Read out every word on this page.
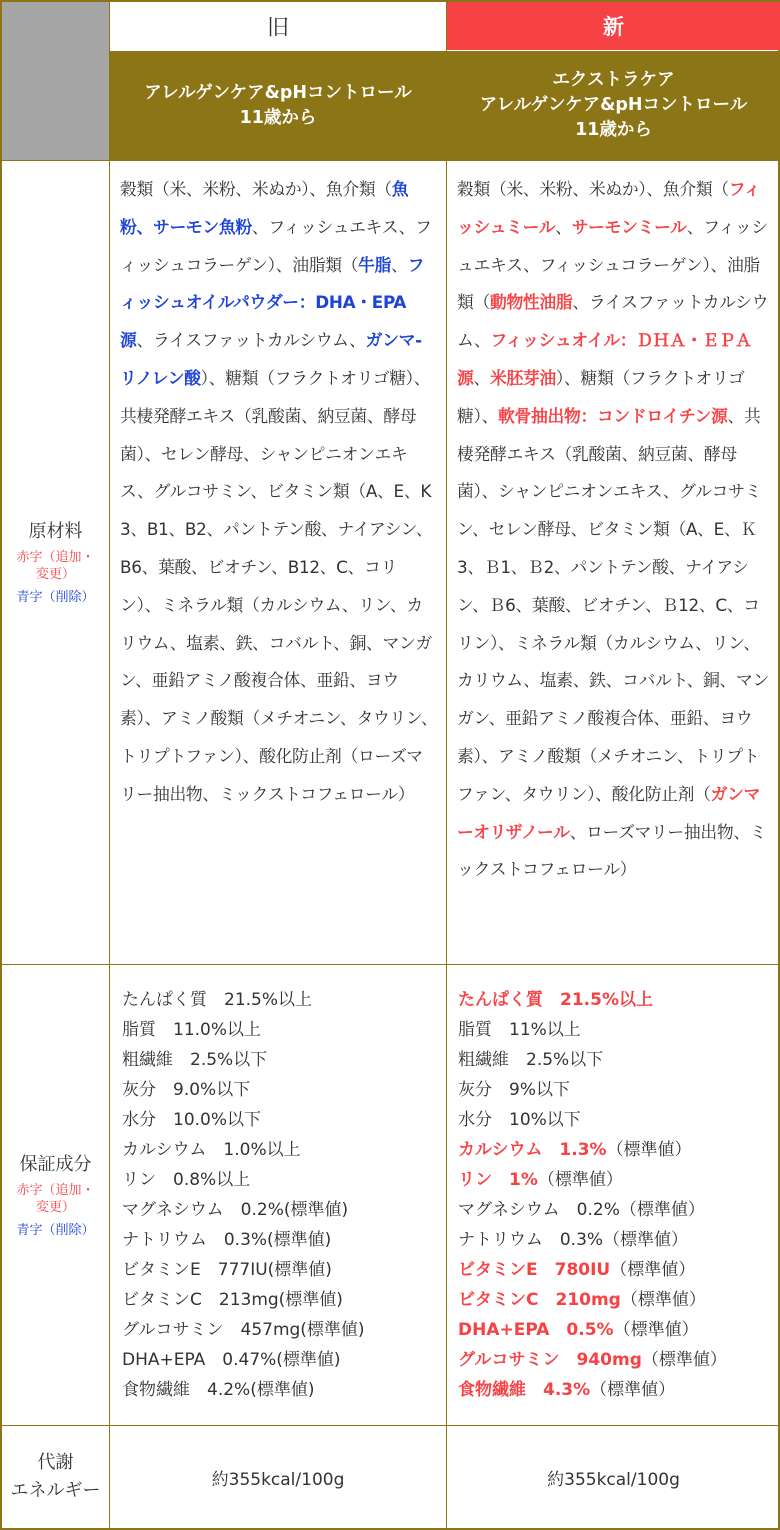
旧	新
アレルゲンケア&pHコントロール
11歳から
エクストラケア
アレルゲンケア&pHコントロール
11歳から
原材料
赤字（追加・変更）
青字（削除）
穀類（米、米粉、米ぬか）、魚介類（魚粉、サーモン魚粉、フィッシュエキス、フィッシュコラーゲン）、油脂類（牛脂、フィッシュオイルパウダー：DHA・EPA源、ライスファットカルシウム、ガンマ-リノレン酸）、糖類（フラクトオリゴ糖）、共棲発酵エキス（乳酸菌、納豆菌、酵母菌）、セレン酵母、シャンピニオンエキス、グルコサミン、ビタミン類（A、E、K3、B1、B2、パントテン酸、ナイアシン、B6、葉酸、ビオチン、B12、C、コリン）、ミネラル類（カルシウム、リン、カリウム、塩素、鉄、コバルト、銅、マンガン、亜鉛アミノ酸複合体、亜鉛、ヨウ素）、アミノ酸類（メチオニン、タウリン、トリプトファン）、酸化防止剤（ローズマリー抽出物、ミックストコフェロール）
穀類（米、米粉、米ぬか）、魚介類（フィッシュミール、サーモンミール、フィッシュエキス、フィッシュコラーゲン）、油脂類（動物性油脂、ライスファットカルシウム、フィッシュオイル：ＤＨＡ・ＥＰＡ源、米胚芽油）、糖類（フラクトオリゴ糖）、軟骨抽出物：コンドロイチン源、共棲発酵エキス（乳酸菌、納豆菌、酵母菌）、シャンピニオンエキス、グルコサミン、セレン酵母、ビタミン類（A、E、Ｋ3、Ｂ1、Ｂ2、パントテン酸、ナイアシン、Ｂ6、葉酸、ビオチン、Ｂ12、C、コリン）、ミネラル類（カルシウム、リン、カリウム、塩素、鉄、コバルト、銅、マンガン、亜鉛アミノ酸複合体、亜鉛、ヨウ素）、アミノ酸類（メチオニン、トリプトファン、タウリン）、酸化防止剤（ガンマーオリザノール、ローズマリー抽出物、ミックストコフェロール）
保証成分
赤字（追加・変更）
青字（削除）
たんぱく質　 21.5%以上
脂質　 11.0%以上
粗繊維　 2.5%以下
灰分　 9.0%以下
水分　 10.0%以下
カルシウム　 1.0%以上
リン　 0.8%以上
マグネシウム　 0.2%(標準値)
ナトリウム　 0.3%(標準値)
ビタミンE　 777IU(標準値)
ビタミンC　 213mg(標準値)
グルコサミン　 457mg(標準値)
DHA+EPA　 0.47%(標準値)
食物繊維　 4.2%(標準値)
たんぱく質　 21.5%以上
脂質　 11%以上
粗繊維　 2.5%以下
灰分　 9%以下
水分　 10%以下
カルシウム　 1.3%（標準値）
リン　 1%（標準値）
マグネシウム　 0.2%（標準値）
ナトリウム　 0.3%（標準値）
ビタミンE　 780IU（標準値）
ビタミンC　 210mg（標準値）
DHA+EPA　 0.5%（標準値）
グルコサミン　 940mg（標準値）
食物繊維　 4.3%（標準値）
代謝
エネルギー
約355kcal/100g	約355kcal/100g
